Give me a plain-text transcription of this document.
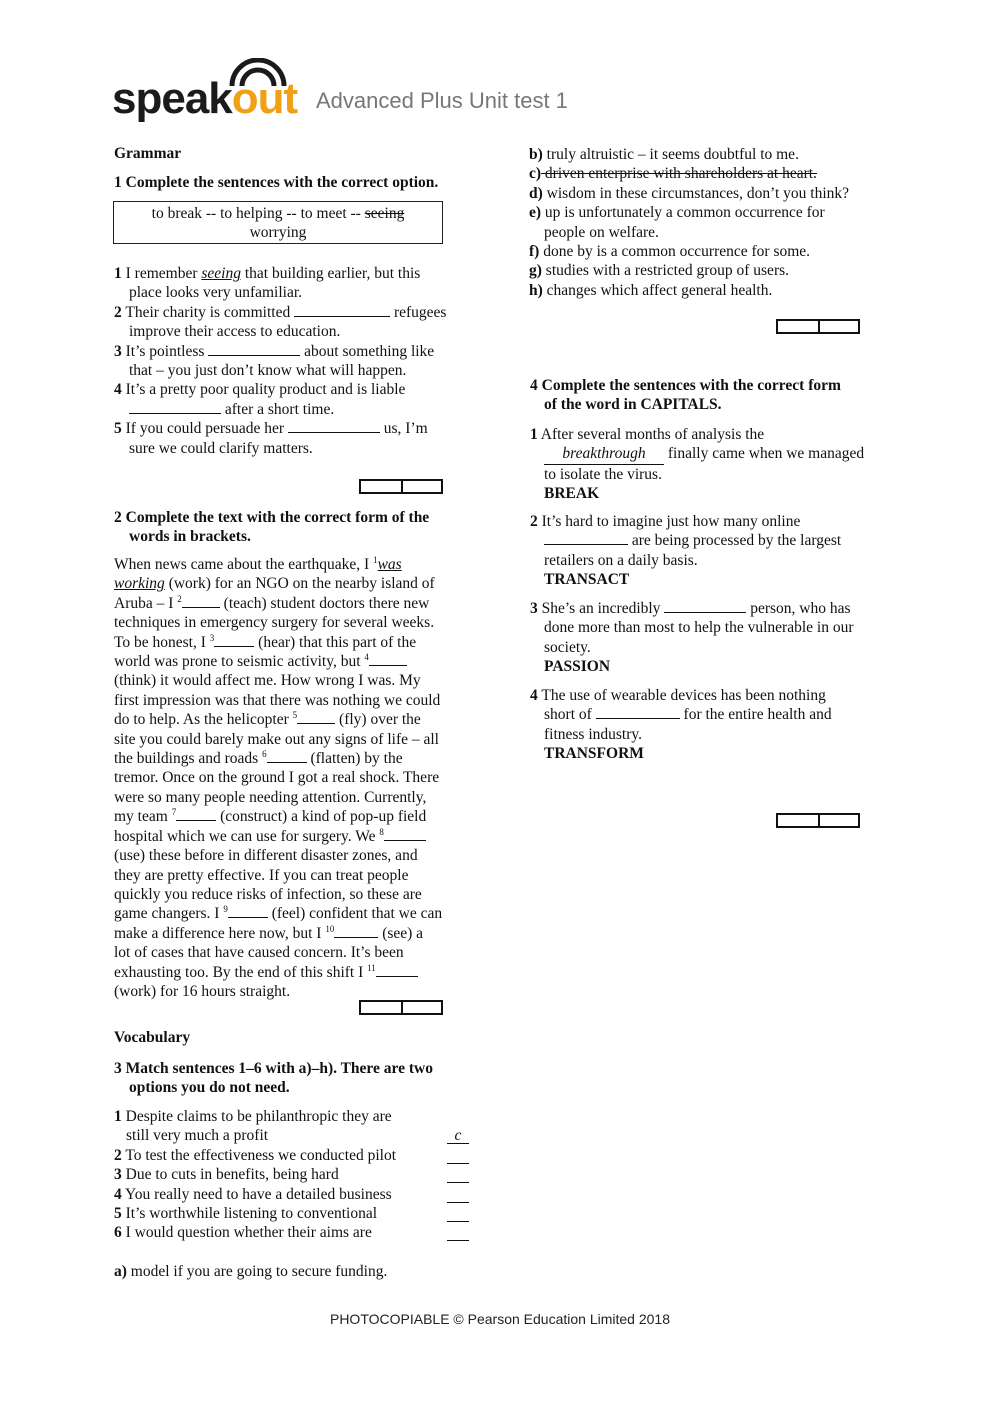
speakout Advanced Plus Unit test 1
Grammar
1 Complete the sentences with the correct option.
to break -- to helping -- to meet -- seeing
worrying
1 I remember seeing that building earlier, but this
place looks very unfamiliar.
2 Their charity is committed	refugees
improve their access to education.
3 It’s pointless	about something like
that – you just don’t know what will happen.
4 It’s a pretty poor quality product and is liable
after a short time.
5 If you could persuade her	us, I’m
sure we could clarify matters.
2 Complete the text with the correct form of the
words in brackets.
When news came about the earthquake, I $^1$was
working (work) for an NGO on the nearby island of
Aruba – I $^2$ (teach) student doctors there new
techniques in emergency surgery for several weeks.
To be honest, I $^3$	(hear) that this part of the
world was prone to seismic activity, but $^4$
(think) it would affect me. How wrong I was. My
first impression was that there was nothing we could
do to help. As the helicopter $^5$ (fly) over the
site you could barely make out any signs of life – all
the buildings and roads $^6$	(flatten) by the
tremor. Once on the ground I got a real shock. There
were so many people needing attention. Currently,
my team $^7$	(construct) a kind of pop-up field
hospital which we can use for surgery. We $^8$
(use) these before in different disaster zones, and
they are pretty effective. If you can treat people
quickly you reduce risks of infection, so these are
game changers. I $^9$	(feel) confident that we can
make a difference here now, but I $^{10}$	(see) a
lot of cases that have caused concern. It’s been
exhausting too. By the end of this shift I $^{11}$
(work) for 16 hours straight.
Vocabulary
3 Match sentences 1–6 with a)–h). There are two
options you do not need.
1 Despite claims to be philanthropic they are
still very much a profit	c
2 To test the effectiveness we conducted pilot
3 Due to cuts in benefits, being hard
4 You really need to have a detailed business
5 It’s worthwhile listening to conventional
6 I would question whether their aims are
a) model if you are going to secure funding.
b) truly altruistic – it seems doubtful to me.
c) driven enterprise with shareholders at heart.
d) wisdom in these circumstances, don’t you think?
e) up is unfortunately a common occurrence for
people on welfare.
f) done by is a common occurrence for some.
g) studies with a restricted group of users.
h) changes which affect general health.
4 Complete the sentences with the correct form
of the word in CAPITALS.
1 After several months of analysis the
breakthrough finally came when we managed
to isolate the virus.
BREAK
2 It’s hard to imagine just how many online
are being processed by the largest
retailers on a daily basis.
TRANSACT
3 She’s an incredibly	person, who has
done more than most to help the vulnerable in our
society.
PASSION
4 The use of wearable devices has been nothing
short of	for the entire health and
fitness industry.
TRANSFORM
PHOTOCOPIABLE © Pearson Education Limited 2018
